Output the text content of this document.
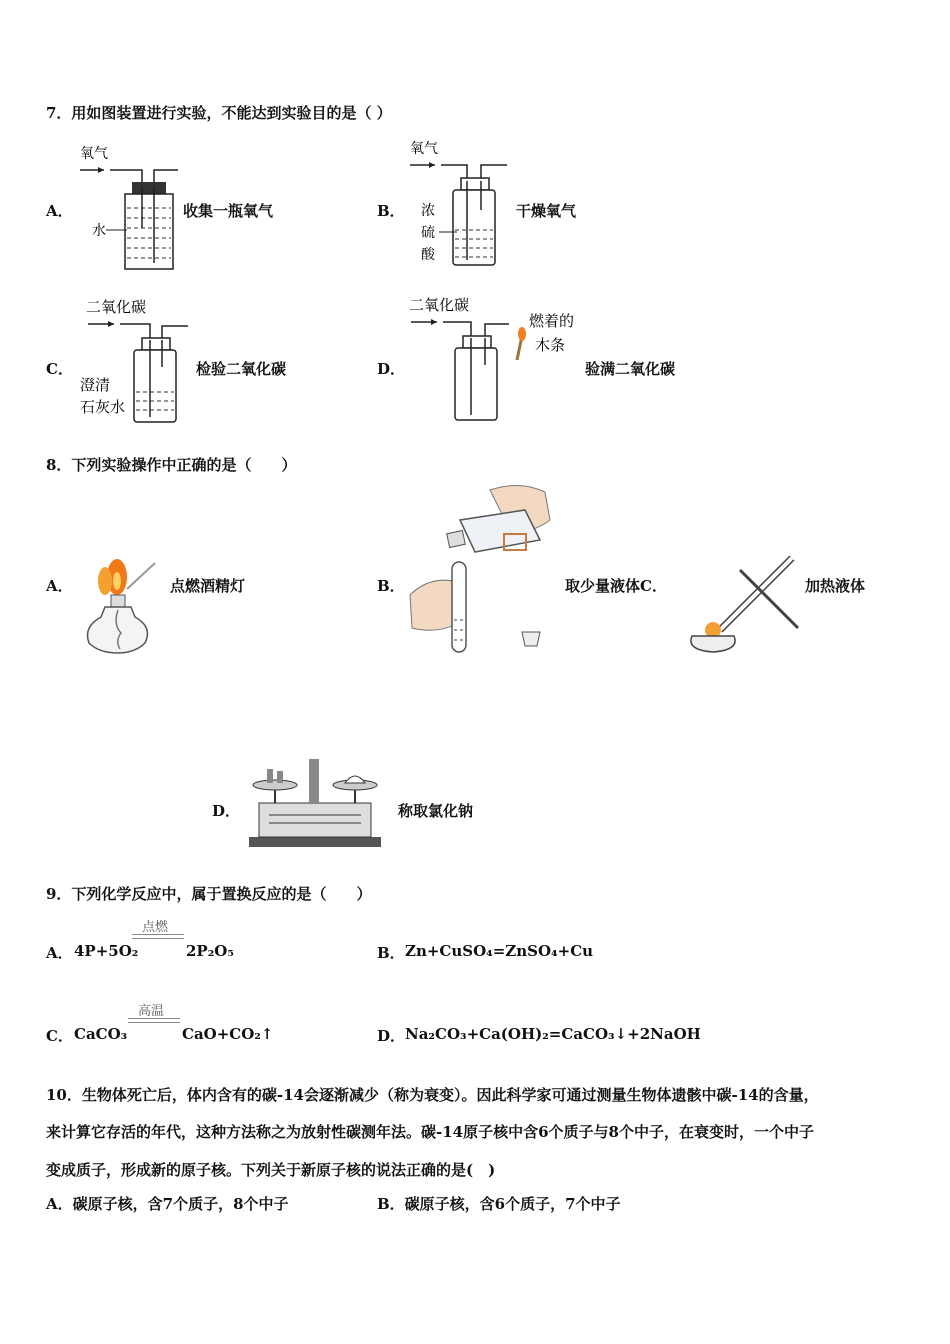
7．用如图装置进行实验，不能达到实验目的是（ ）
A．
氧气
水
收集一瓶氧气	B．
氧气
浓
硫
酸
干燥氧气
C．
二氧化碳
澄清
石灰水
检验二氧化碳	D．
二氧化碳
燃着的
木条
验满二氧化碳
8．下列实验操作中正确的是（　　）
A．	点燃酒精灯	B．	取少量液体C．	加热液体
D．	称取氯化钠
9．下列化学反应中，属于置换反应的是（　　）
A． 4P+5O₂
点燃
2P₂O₅	B． Zn+CuSO₄=ZnSO₄+Cu
C． CaCO₃
高温
CaO+CO₂↑	D． Na₂CO₃+Ca(OH)₂=CaCO₃↓+2NaOH
10．生物体死亡后，体内含有的碳-14会逐渐减少（称为衰变）。因此科学家可通过测量生物体遗骸中碳-14的含量，
来计算它存活的年代，这种方法称之为放射性碳测年法。碳-14原子核中含6个质子与8个中子，在衰变时，一个中子
变成质子，形成新的原子核。下列关于新原子核的说法正确的是(　)
A．碳原子核，含7个质子，8个中子	B．碳原子核，含6个质子，7个中子
